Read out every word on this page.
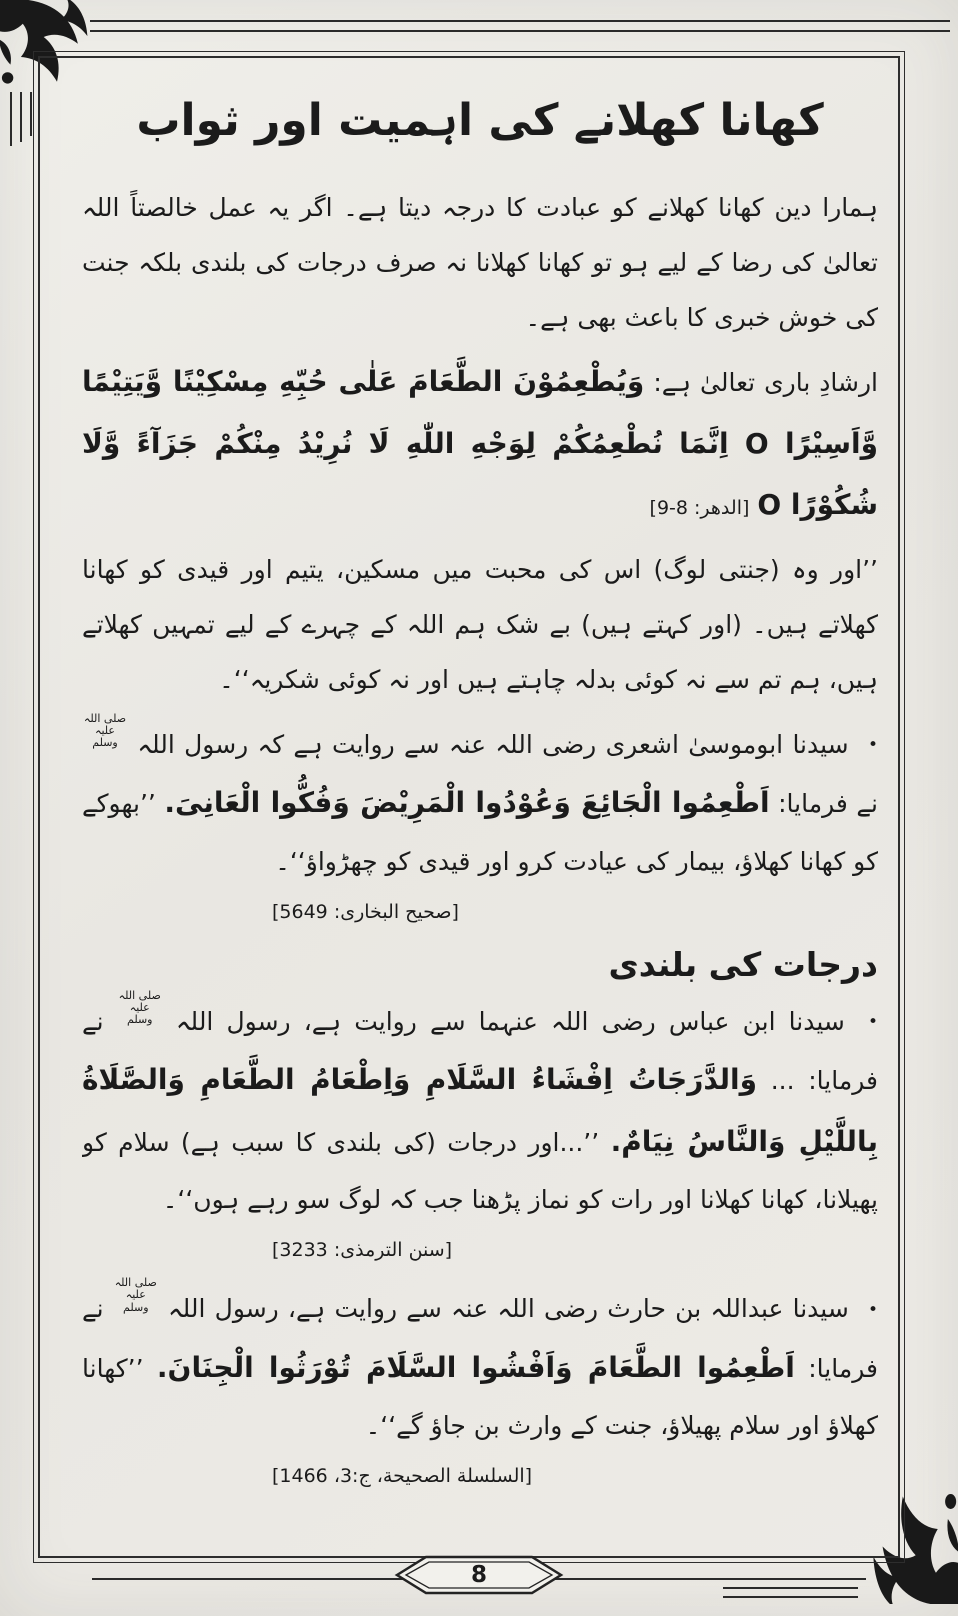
کھانا کھلانے کی اہمیت اور ثواب

ہمارا دین کھانا کھلانے کو عبادت کا درجہ دیتا ہے۔ اگر یہ عمل خالصتاً اللہ تعالیٰ کی رضا کے لیے ہو تو کھانا کھلانا نہ صرف درجات کی بلندی بلکہ جنت کی خوش خبری کا باعث بھی ہے۔

ارشادِ باری تعالیٰ ہے: وَیُطْعِمُوْنَ الطَّعَامَ عَلٰی حُبِّهِ مِسْکِیْنًا وَّیَتِیْمًا وَّاَسِیْرًا O اِنَّمَا نُطْعِمُکُمْ لِوَجْهِ اللّٰهِ لَا نُرِیْدُ مِنْکُمْ جَزَآءً وَّلَا شُکُوْرًا O [الدهر: 8-9]

’’اور وہ (جنتی لوگ) اس کی محبت میں مسکین، یتیم اور قیدی کو کھانا کھلاتے ہیں۔ (اور کہتے ہیں) بے شک ہم اللہ کے چہرے کے لیے تمہیں کھلاتے ہیں، ہم تم سے نہ کوئی بدلہ چاہتے ہیں اور نہ کوئی شکریہ‘‘۔

• سیدنا ابوموسیٰ اشعری رضی اللہ عنہ سے روایت ہے کہ رسول اللہ صلی اللہ علیہ وسلم نے فرمایا: اَطْعِمُوا الْجَائِعَ وَعُوْدُوا الْمَرِیْضَ وَفُکُّوا الْعَانِیَ. ’’بھوکے کو کھانا کھلاؤ، بیمار کی عیادت کرو اور قیدی کو چھڑواؤ‘‘۔

[صحیح البخاری: 5649]
درجات کی بلندی

• سیدنا ابن عباس رضی اللہ عنہما سے روایت ہے، رسول اللہ صلی اللہ علیہ وسلم نے فرمایا: ... وَالدَّرَجَاتُ اِفْشَاءُ السَّلَامِ وَاِطْعَامُ الطَّعَامِ وَالصَّلَاةُ بِاللَّیْلِ وَالنَّاسُ نِیَامٌ. ’’...اور درجات (کی بلندی کا سبب ہے) سلام کو پھیلانا، کھانا کھلانا اور رات کو نماز پڑھنا جب کہ لوگ سو رہے ہوں‘‘۔

[سنن الترمذی: 3233]

• سیدنا عبداللہ بن حارث رضی اللہ عنہ سے روایت ہے، رسول اللہ صلی اللہ علیہ وسلم نے فرمایا: اَطْعِمُوا الطَّعَامَ وَاَفْشُوا السَّلَامَ تُوْرَثُوا الْجِنَانَ. ’’کھانا کھلاؤ اور سلام پھیلاؤ، جنت کے وارث بن جاؤ گے‘‘۔

[السلسلة الصحیحة، ج:3، 1466]
8
